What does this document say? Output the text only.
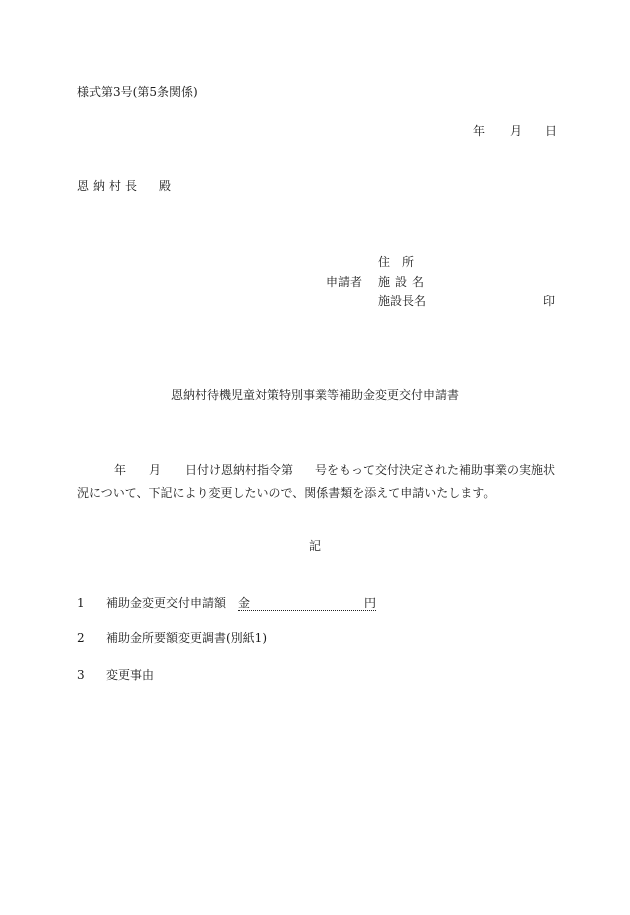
様式第3号(第5条関係)
年 月 日
恩納村長 殿
申請者
住　所
施設名
施設長名	印
恩納村待機児童対策特別事業等補助金変更交付申請書
年 月 日付け恩納村指令第 号をもって交付決定された補助事業の実施状
況について、下記により変更したいので、関係書類を添えて申請いたします。
記
1 補助金変更交付申請額 金	円
2 補助金所要額変更調書(別紙1)
3 変更事由
